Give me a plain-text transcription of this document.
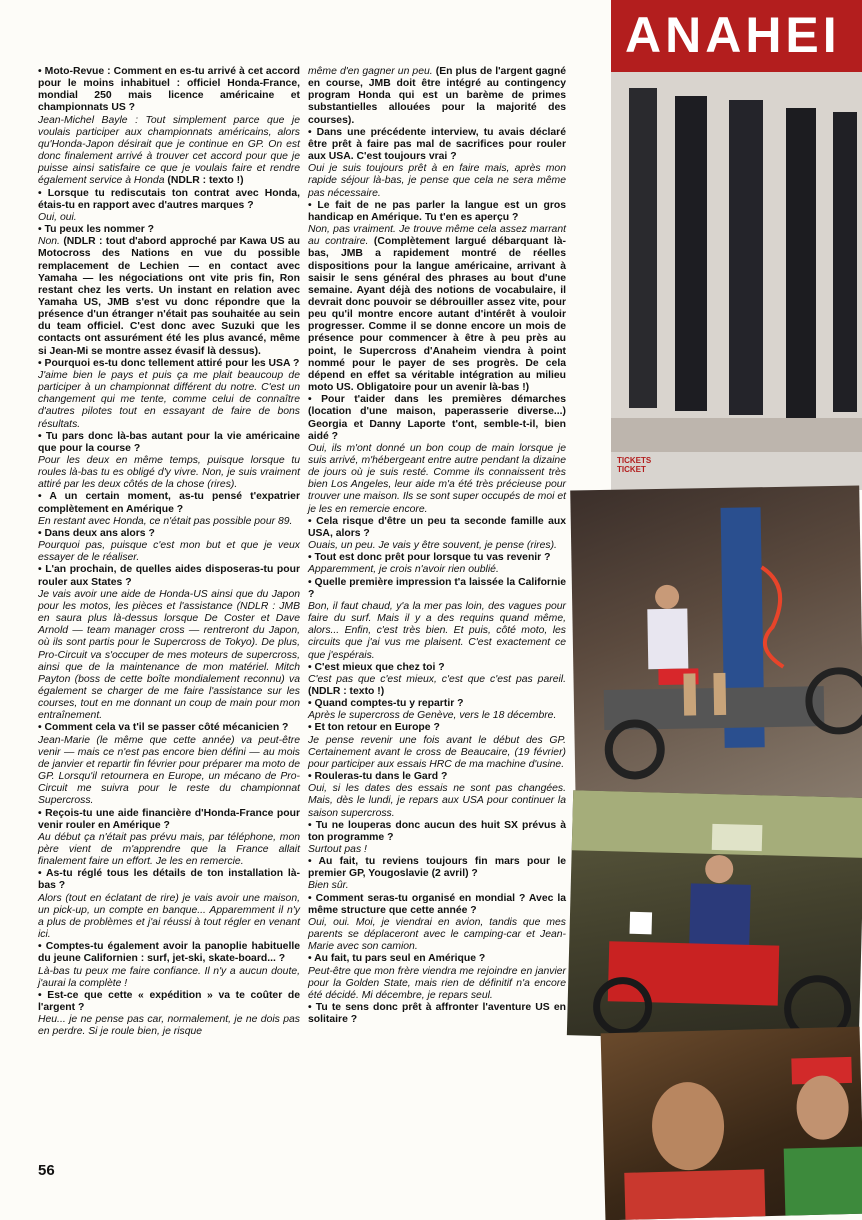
• Moto-Revue : Comment en es-tu arrivé à cet accord pour le moins inhabituel : officiel Honda-France, mondial 250 mais licence américaine et championnats US ?

Jean-Michel Bayle : Tout simplement parce que je voulais participer aux championnats américains, alors qu'Honda-Japon désirait que je continue en GP. On est donc finalement arrivé à trouver cet accord pour que je puisse ainsi satisfaire ce que je voulais faire et rendre également service à Honda (NDLR : texto !)

• Lorsque tu rediscutais ton contrat avec Honda, étais-tu en rapport avec d'autres marques ?

Oui, oui.

• Tu peux les nommer ?

Non. (NDLR : tout d'abord approché par Kawa US au Motocross des Nations en vue du possible remplacement de Lechien — en contact avec Yamaha — les négociations ont vite pris fin, Ron restant chez les verts. Un instant en relation avec Yamaha US, JMB s'est vu donc répondre que la présence d'un étranger n'était pas souhaitée au sein du team officiel. C'est donc avec Suzuki que les contacts ont assurément été les plus avancé, même si Jean-Mi se montre assez évasif là dessus).

• Pourquoi es-tu donc tellement attiré pour les USA ?

J'aime bien le pays et puis ça me plait beaucoup de participer à un championnat différent du notre. C'est un changement qui me tente, comme celui de connaître d'autres pilotes tout en essayant de faire de bons résultats.

• Tu pars donc là-bas autant pour la vie américaine que pour la course ?

Pour les deux en même temps, puisque lorsque tu roules là-bas tu es obligé d'y vivre. Non, je suis vraiment attiré par les deux côtés de la chose (rires).

• A un certain moment, as-tu pensé t'expatrier complètement en Amérique ?

En restant avec Honda, ce n'était pas possible pour 89.

• Dans deux ans alors ?

Pourquoi pas, puisque c'est mon but et que je veux essayer de le réaliser.

• L'an prochain, de quelles aides disposeras-tu pour rouler aux States ?

Je vais avoir une aide de Honda-US ainsi que du Japon pour les motos, les pièces et l'assistance (NDLR : JMB en saura plus là-dessus lorsque De Coster et Dave Arnold — team manager cross — rentreront du Japon, où ils sont partis pour le Supercross de Tokyo). De plus, Pro-Circuit va s'occuper de mes moteurs de supercross, ainsi que de la maintenance de mon matériel. Mitch Payton (boss de cette boîte mondialement reconnu) va également se charger de me faire l'assistance sur les courses, tout en me donnant un coup de main pour mon entraînement.

• Comment cela va t'il se passer côté mécanicien ?

Jean-Marie (le même que cette année) va peut-être venir — mais ce n'est pas encore bien défini — au mois de janvier et repartir fin février pour préparer ma moto de GP. Lorsqu'il retournera en Europe, un mécano de Pro-Circuit me suivra pour le reste du championnat Supercross.

• Reçois-tu une aide financière d'Honda-France pour venir rouler en Amérique ?

Au début ça n'était pas prévu mais, par téléphone, mon père vient de m'apprendre que la France allait finalement faire un effort. Je les en remercie.

• As-tu réglé tous les détails de ton installation là-bas ?

Alors (tout en éclatant de rire) je vais avoir une maison, un pick-up, un compte en banque... Apparemment il n'y a plus de problèmes et j'ai réussi à tout régler en venant ici.

• Comptes-tu également avoir la panoplie habituelle du jeune Californien : surf, jet-ski, skate-board... ?

Là-bas tu peux me faire confiance. Il n'y a aucun doute, j'aurai la complète !

• Est-ce que cette « expédition » va te coûter de l'argent ?

Heu... je ne pense pas car, normalement, je ne dois pas en perdre. Si je roule bien, je risque

même d'en gagner un peu. (En plus de l'argent gagné en course, JMB doit être intégré au contingency program Honda qui est un barème de primes substantielles allouées pour la majorité des courses).

• Dans une précédente interview, tu avais déclaré être prêt à faire pas mal de sacrifices pour rouler aux USA. C'est toujours vrai ?

Oui je suis toujours prêt à en faire mais, après mon rapide séjour là-bas, je pense que cela ne sera même pas nécessaire.

• Le fait de ne pas parler la langue est un gros handicap en Amérique. Tu t'en es aperçu ?

Non, pas vraiment. Je trouve même cela assez marrant au contraire. (Complètement largué débarquant là-bas, JMB a rapidement montré de réelles dispositions pour la langue américaine, arrivant à saisir le sens général des phrases au bout d'une semaine. Ayant déjà des notions de vocabulaire, il devrait donc pouvoir se débrouiller assez vite, pour peu qu'il montre encore autant d'intérêt à vouloir progresser. Comme il se donne encore un mois de présence pour commencer à être à peu près au point, le Supercross d'Anaheim viendra à point nommé pour le payer de ses progrès. De cela dépend en effet sa véritable intégration au milieu moto US. Obligatoire pour un avenir là-bas !)

• Pour t'aider dans les premières démarches (location d'une maison, paperasserie diverse...) Georgia et Danny Laporte t'ont, semble-t-il, bien aidé ?

Oui, ils m'ont donné un bon coup de main lorsque je suis arrivé, m'hébergeant entre autre pendant la dizaine de jours où je suis resté. Comme ils connaissent très bien Los Angeles, leur aide m'a été très précieuse pour trouver une maison. Ils se sont super occupés de moi et je les en remercie encore.

• Cela risque d'être un peu ta seconde famille aux USA, alors ?

Ouais, un peu. Je vais y être souvent, je pense (rires).

• Tout est donc prêt pour lorsque tu vas revenir ?

Apparemment, je crois n'avoir rien oublié.

• Quelle première impression t'a laissée la Californie ?

Bon, il faut chaud, y'a la mer pas loin, des vagues pour faire du surf. Mais il y a des requins quand même, alors... Enfin, c'est très bien. Et puis, côté moto, les circuits que j'ai vus me plaisent. C'est exactement ce que j'espérais.

• C'est mieux que chez toi ?

C'est pas que c'est mieux, c'est que c'est pas pareil. (NDLR : texto !)

• Quand comptes-tu y repartir ?

Après le supercross de Genève, vers le 18 décembre.

• Et ton retour en Europe ?

Je pense revenir une fois avant le début des GP. Certainement avant le cross de Beaucaire, (19 février) pour participer aux essais HRC de ma machine d'usine.

• Rouleras-tu dans le Gard ?

Oui, si les dates des essais ne sont pas changées. Mais, dès le lundi, je repars aux USA pour continuer la saison supercross.

• Tu ne louperas donc aucun des huit SX prévus à ton programme ?

Surtout pas !

• Au fait, tu reviens toujours fin mars pour le premier GP, Yougoslavie (2 avril) ?

Bien sûr.

• Comment seras-tu organisé en mondial ? Avec la même structure que cette année ?

Oui, oui. Moi, je viendrai en avion, tandis que mes parents se déplaceront avec le camping-car et Jean-Marie avec son camion.

• Au fait, tu pars seul en Amérique ?

Peut-être que mon frère viendra me rejoindre en janvier pour la Golden State, mais rien de définitif n'a encore été décidé. Mi décembre, je repars seul.

• Tu te sens donc prêt à affronter l'aventure US en solitaire ?

56
ANAHEI
TICKETS TICKET
